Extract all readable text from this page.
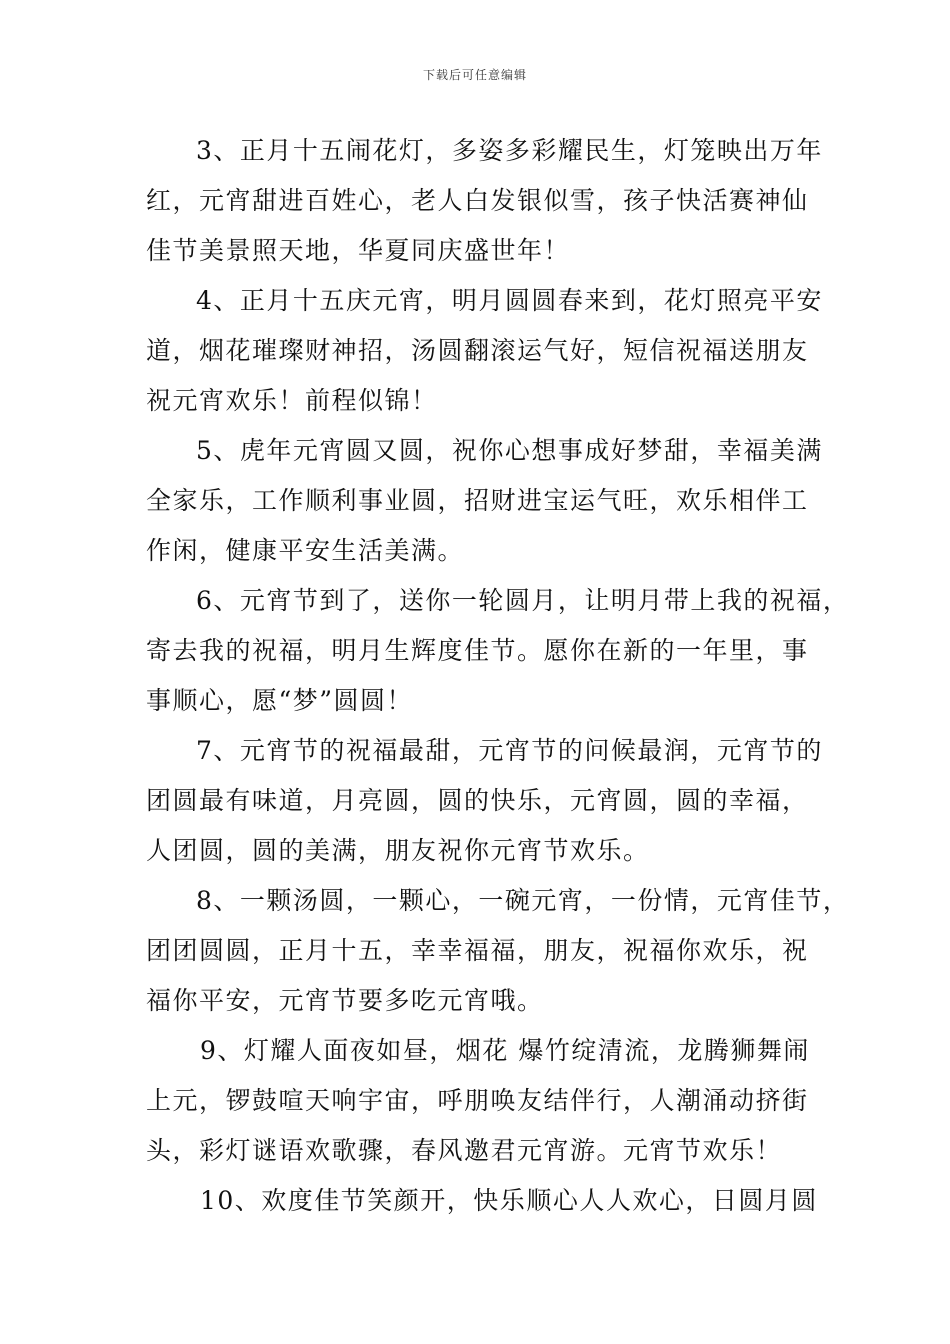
下载后可任意编辑

3、正月十五闹花灯，多姿多彩耀民生，灯笼映出万年
红，元宵甜进百姓心，老人白发银似雪，孩子快活赛神仙
佳节美景照天地，华夏同庆盛世年！

4、正月十五庆元宵，明月圆圆春来到，花灯照亮平安
道，烟花璀璨财神招，汤圆翻滚运气好，短信祝福送朋友
祝元宵欢乐！前程似锦！

5、虎年元宵圆又圆，祝你心想事成好梦甜，幸福美满
全家乐，工作顺利事业圆，招财进宝运气旺，欢乐相伴工
作闲，健康平安生活美满。

6、元宵节到了，送你一轮圆月，让明月带上我的祝福，
寄去我的祝福，明月生辉度佳节。愿你在新的一年里，事
事顺心，愿“梦”圆圆！

7、元宵节的祝福最甜，元宵节的问候最润，元宵节的
团圆最有味道，月亮圆，圆的快乐，元宵圆，圆的幸福，
人团圆，圆的美满，朋友祝你元宵节欢乐。

8、一颗汤圆，一颗心，一碗元宵，一份情，元宵佳节，
团团圆圆，正月十五，幸幸福福，朋友，祝福你欢乐，祝
福你平安，元宵节要多吃元宵哦。

9、灯耀人面夜如昼，烟花 爆竹绽清流，龙腾狮舞闹
上元，锣鼓喧天响宇宙，呼朋唤友结伴行，人潮涌动挤街
头，彩灯谜语欢歌骤，春风邀君元宵游。元宵节欢乐！

10、欢度佳节笑颜开，快乐顺心人人欢心，日圆月圆
